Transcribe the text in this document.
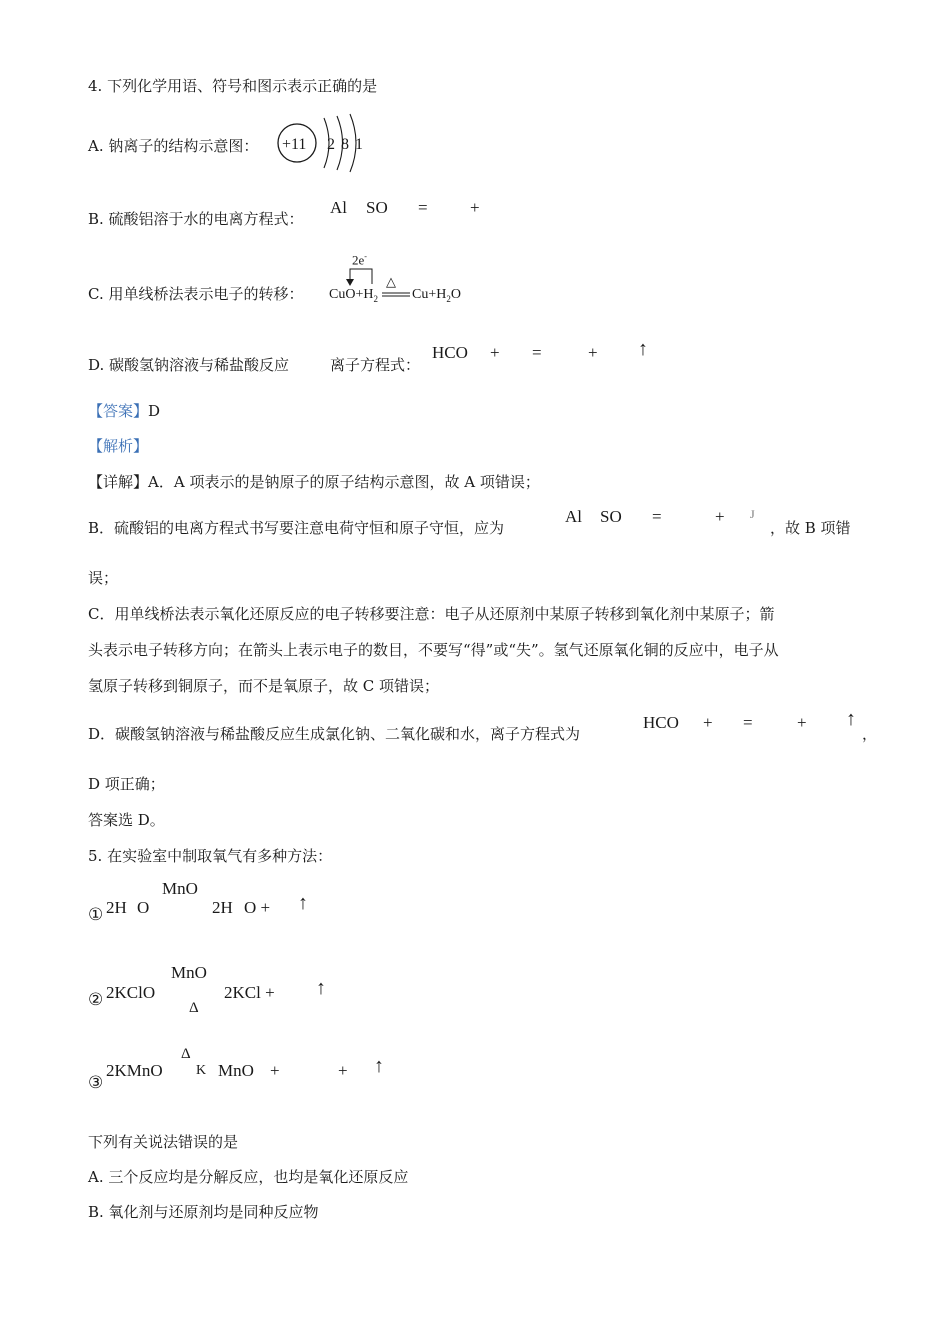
4. 下列化学用语、符号和图示表示正确的是
A. 钠离子的结构示意图： +11 2 8 1
B. 硫酸铝溶于水的电离方程式：
Al SO = +
C. 用单线桥法表示电子的转移：
2e-
$CuO+H_2$
△
$Cu+H_2O$
D. 碳酸氢钠溶液与稀盐酸反应	离子方程式：
HCO + =	+ ↑
【答案】D
【解析】
【详解】A．A 项表示的是钠原子的原子结构示意图，故 A 项错误；
B．硫酸铝的电离方程式书写要注意电荷守恒和原子守恒，应为
Al SO =	+ J
，故 B 项错
误；
C．用单线桥法表示氧化还原反应的电子转移要注意：电子从还原剂中某原子转移到氧化剂中某原子；箭
头表示电子转移方向；在箭头上表示电子的数目，不要写“得”或“失”。氢气还原氧化铜的反应中，电子从
氢原子转移到铜原子，而不是氧原子，故 C 项错误；
D．碳酸氢钠溶液与稀盐酸反应生成氯化钠、二氧化碳和水，离子方程式为
HCO + =	+ ↑
，
D 项正确；
答案选 D。
5. 在实验室中制取氧气有多种方法：
① 2H O
MnO
2H O + ↑
② 2KClO
MnO
Δ
2KCl + ↑
③
2KMnO
Δ
K MnO +	+ ↑
下列有关说法错误的是
A. 三个反应均是分解反应，也均是氧化还原反应
B. 氧化剂与还原剂均是同种反应物
